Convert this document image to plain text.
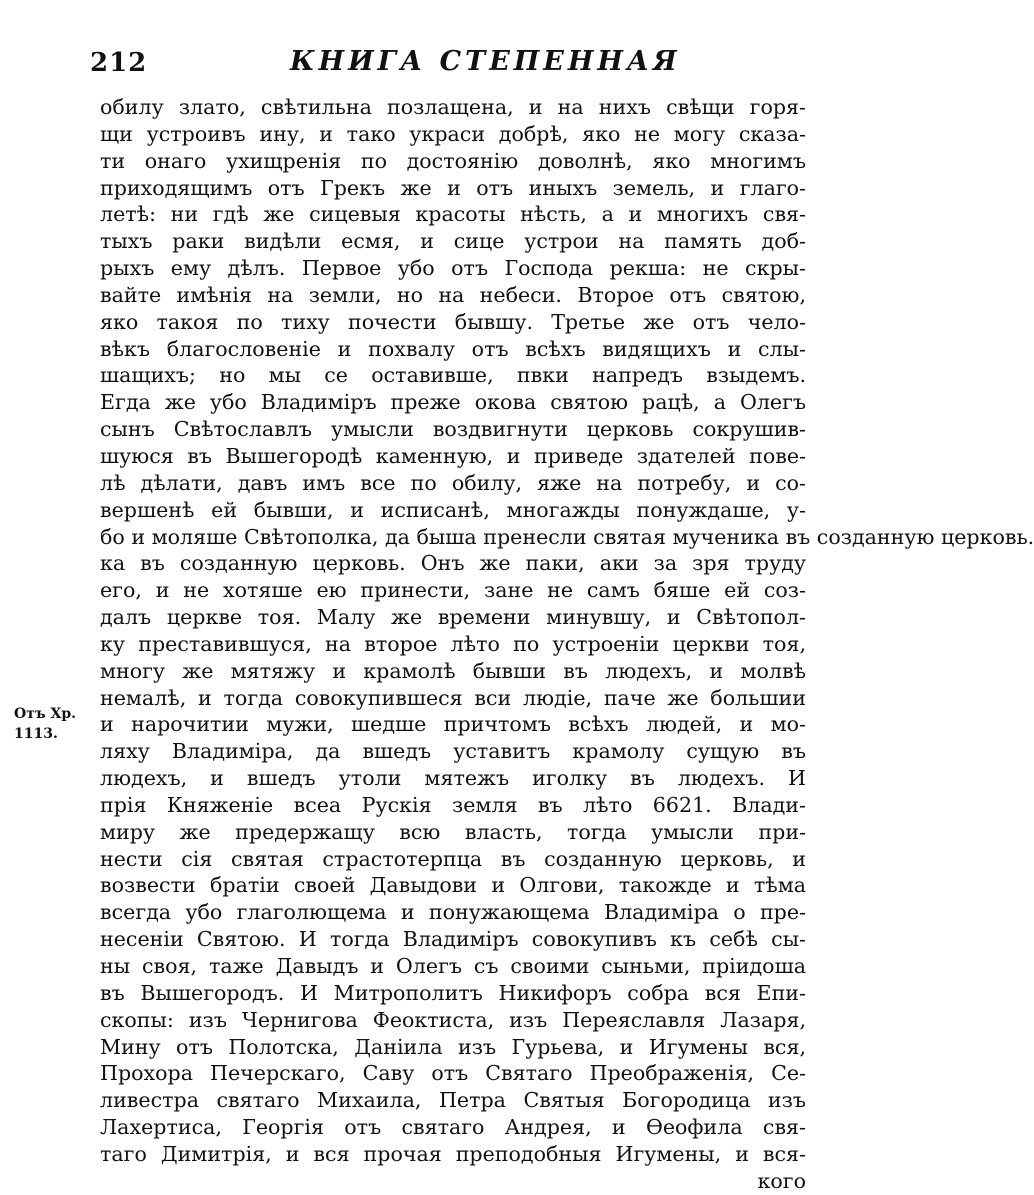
212	КНИГА СТЕПЕННАЯ
Отъ Хр.
1113.
обилу злато, свѣтильна позлащена, и на нихъ свѣщи горя-
щи устроивъ ину, и тако украси добрѣ, яко не могу сказа-
ти онаго ухищренія по достоянію доволнѣ, яко многимъ
приходящимъ отъ Грекъ же и отъ иныхъ земель, и глаго-
летѣ: ни гдѣ же сицевыя красоты нѣсть, а и многихъ свя-
тыхъ раки видѣли есмя, и сице устрои на память доб-
рыхъ ему дѣлъ. Первое убо отъ Господа рекша: не скры-
вайте имѣнія на земли, но на небеси. Второе отъ святою,
яко такоя по тиху почести бывшу. Третье же отъ чело-
вѣкъ благословеніе и похвалу отъ всѣхъ видящихъ и слы-
шащихъ; но мы се оставивше, пвки напредъ взыдемъ.
Егда же убо Владиміръ преже окова святою рацѣ, а Олегъ
сынъ Свѣтославлъ умысли воздвигнути церковь сокрушив-
шуюся въ Вышегородѣ каменную, и приведе здателей пове-
лѣ дѣлати, давъ имъ все по обилу, яже на потребу, и со-
вершенѣ ей бывши, и исписанѣ, многажды понуждаше, у-
бо и моляше Свѣтополка, да быша пренесли святая мученика въ созданную церковь.
ка въ созданную церковь. Онъ же паки, аки за зря труду
его, и не хотяше ею принести, зане не самъ бяше ей соз-
далъ церкве тоя. Малу же времени минувшу, и Свѣтопол-
ку преставившуся, на второе лѣто по устроеніи церкви тоя,
многу же мятяжу и крамолѣ бывши въ людехъ, и молвѣ
немалѣ, и тогда совокупившеся вси людіе, паче же большии
и нарочитии мужи, шедше причтомъ всѣхъ людей, и мо-
ляху Владиміра, да вшедъ уставитъ крамолу сущую въ
людехъ, и вшедъ утоли мятежъ иголку въ людехъ. И
прія Княженіе всеа Рускія земля въ лѣто 6621. Влади-
миру же предержащу всю власть, тогда умысли при-
нести сія святая страстотерпца въ созданную церковь, и
возвести братіи своей Давыдови и Олгови, такожде и тѣма
всегда убо глаголющема и понужающема Владиміра о пре-
несеніи Святою. И тогда Владиміръ совокупивъ къ себѣ сы-
ны своя, таже Давыдъ и Олегъ съ своими сыньми, пріидоша
въ Вышегородъ. И Митрополитъ Никифоръ собра вся Епи-
скопы: изъ Чернигова Феоктиста, изъ Переяславля Лазаря,
Мину отъ Полотска, Даніила изъ Гурьева, и Игумены вся,
Прохора Печерскаго, Саву отъ Святаго Преображенія, Се-
ливестра святаго Михаила, Петра Святыя Богородица изъ
Лахертиса, Георгія отъ святаго Андрея, и Ѳеофила свя-
таго Димитрія, и вся прочая преподобныя Игумены, и вся-
кого
